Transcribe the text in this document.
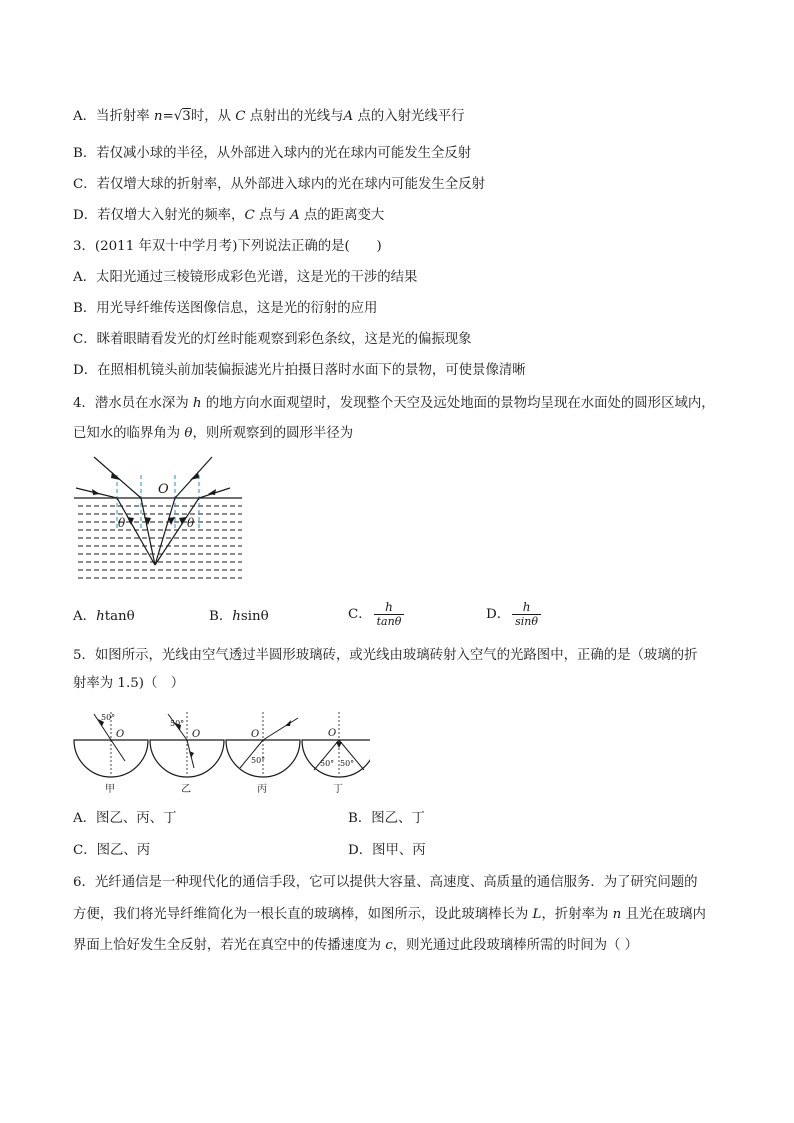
A．当折射率 n=√3时，从 C 点射出的光线与A 点的入射光线平行
B．若仅减小球的半径，从外部进入球内的光在球内可能发生全反射
C．若仅增大球的折射率，从外部进入球内的光在球内可能发生全反射
D．若仅增大入射光的频率，C 点与 A 点的距离变大
3．(2011 年双十中学月考)下列说法正确的是(　　)
A．太阳光通过三棱镜形成彩色光谱，这是光的干涉的结果
B．用光导纤维传送图像信息，这是光的衍射的应用
C．眯着眼睛看发光的灯丝时能观察到彩色条纹，这是光的偏振现象
D．在照相机镜头前加装偏振滤光片拍摄日落时水面下的景物，可使景像清晰
4．潜水员在水深为 h 的地方向水面观望时，发现整个天空及远处地面的景物均呈现在水面处的圆形区域内，
已知水的临界角为 θ，则所观察到的圆形半径为
O
θ	θ
A．htanθ	B．hsinθ	C． $\frac{h}{\tan\theta}$	D． $\frac{h}{\sin\theta}$
5．如图所示，光线由空气透过半圆形玻璃砖，或光线由玻璃砖射入空气的光路图中，正确的是（玻璃的折
射率为 1.5)（　）
50°
O
甲
50°
O
乙
50°
O
丙
50° 50°
O
丁
A．图乙、丙、丁	B．图乙、丁
C．图乙、丙	D．图甲、丙
6．光纤通信是一种现代化的通信手段，它可以提供大容量、高速度、高质量的通信服务．为了研究问题的
方便，我们将光导纤维简化为一根长直的玻璃棒，如图所示，设此玻璃棒长为 L，折射率为 n 且光在玻璃内
界面上恰好发生全反射，若光在真空中的传播速度为 c，则光通过此段玻璃棒所需的时间为（ ）
